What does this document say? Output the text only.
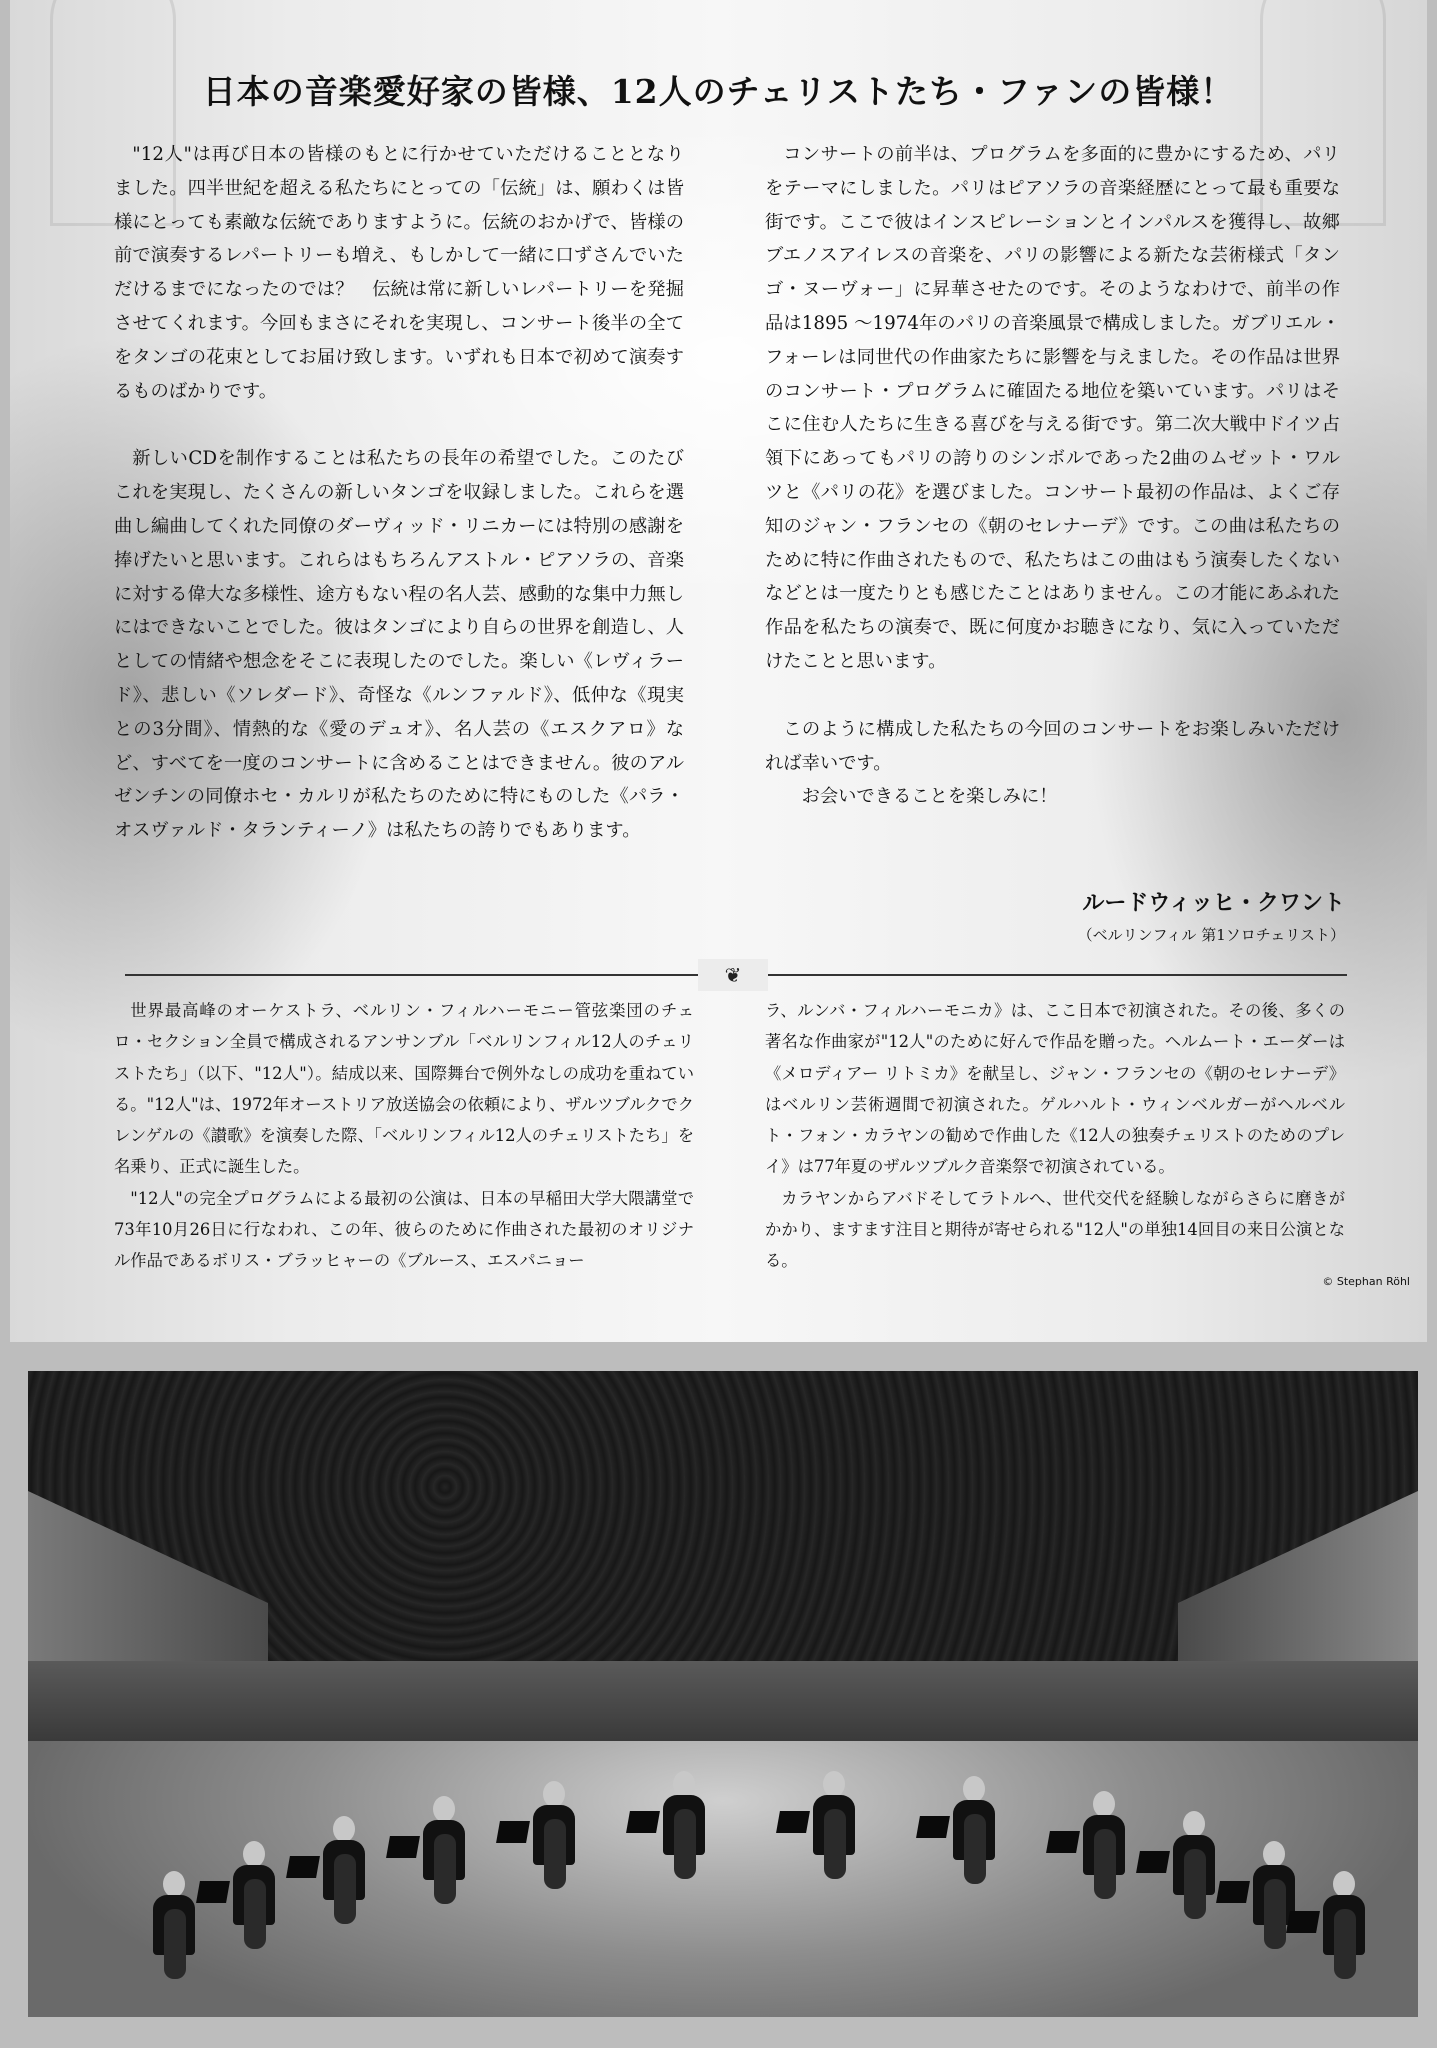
日本の音楽愛好家の皆様、12人のチェリストたち・ファンの皆様！

"12人"は再び日本の皆様のもとに行かせていただけることとなりました。四半世紀を超える私たちにとっての「伝統」は、願わくは皆様にとっても素敵な伝統でありますように。伝統のおかげで、皆様の前で演奏するレパートリーも増え、もしかして一緒に口ずさんでいただけるまでになったのでは？　伝統は常に新しいレパートリーを発掘させてくれます。今回もまさにそれを実現し、コンサート後半の全てをタンゴの花束としてお届け致します。いずれも日本で初めて演奏するものばかりです。

新しいCDを制作することは私たちの長年の希望でした。このたびこれを実現し、たくさんの新しいタンゴを収録しました。これらを選曲し編曲してくれた同僚のダーヴィッド・リニカーには特別の感謝を捧げたいと思います。これらはもちろんアストル・ピアソラの、音楽に対する偉大な多様性、途方もない程の名人芸、感動的な集中力無しにはできないことでした。彼はタンゴにより自らの世界を創造し、人としての情緒や想念をそこに表現したのでした。楽しい《レヴィラード》、悲しい《ソレダード》、奇怪な《ルンファルド》、低仲な《現実との3分間》、情熱的な《愛のデュオ》、名人芸の《エスクアロ》など、すべてを一度のコンサートに含めることはできません。彼のアルゼンチンの同僚ホセ・カルリが私たちのために特にものした《パラ・オスヴァルド・タランティーノ》は私たちの誇りでもあります。

コンサートの前半は、プログラムを多面的に豊かにするため、パリをテーマにしました。パリはピアソラの音楽経歴にとって最も重要な街です。ここで彼はインスピレーションとインパルスを獲得し、故郷ブエノスアイレスの音楽を、パリの影響による新たな芸術様式「タンゴ・ヌーヴォー」に昇華させたのです。そのようなわけで、前半の作品は1895 ～1974年のパリの音楽風景で構成しました。ガブリエル・フォーレは同世代の作曲家たちに影響を与えました。その作品は世界のコンサート・プログラムに確固たる地位を築いています。パリはそこに住む人たちに生きる喜びを与える街です。第二次大戦中ドイツ占領下にあってもパリの誇りのシンボルであった2曲のムゼット・ワルツと《パリの花》を選びました。コンサート最初の作品は、よくご存知のジャン・フランセの《朝のセレナーデ》です。この曲は私たちのために特に作曲されたもので、私たちはこの曲はもう演奏したくないなどとは一度たりとも感じたことはありません。この才能にあふれた作品を私たちの演奏で、既に何度かお聴きになり、気に入っていただけたことと思います。

このように構成した私たちの今回のコンサートをお楽しみいただければ幸いです。

お会いできることを楽しみに！

ルードウィッヒ・クワント
（ベルリンフィル 第1ソロチェリスト）
❦

世界最高峰のオーケストラ、ベルリン・フィルハーモニー管弦楽団のチェロ・セクション全員で構成されるアンサンブル「ベルリンフィル12人のチェリストたち」（以下、"12人"）。結成以来、国際舞台で例外なしの成功を重ねている。"12人"は、1972年オーストリア放送協会の依頼により、ザルツブルクでクレンゲルの《讃歌》を演奏した際、「ベルリンフィル12人のチェリストたち」を名乗り、正式に誕生した。

"12人"の完全プログラムによる最初の公演は、日本の早稲田大学大隈講堂で73年10月26日に行なわれ、この年、彼らのために作曲された最初のオリジナル作品であるボリス・ブラッヒャーの《ブルース、エスパニョー

ラ、ルンバ・フィルハーモニカ》は、ここ日本で初演された。その後、多くの著名な作曲家が"12人"のために好んで作品を贈った。ヘルムート・エーダーは《メロディアー リトミカ》を献呈し、ジャン・フランセの《朝のセレナーデ》はベルリン芸術週間で初演された。ゲルハルト・ウィンベルガーがヘルベルト・フォン・カラヤンの勧めで作曲した《12人の独奏チェリストのためのプレイ》は77年夏のザルツブルク音楽祭で初演されている。

カラヤンからアバドそしてラトルへ、世代交代を経験しながらさらに磨きがかかり、ますます注目と期待が寄せられる"12人"の単独14回目の来日公演となる。

© Stephan Röhl
